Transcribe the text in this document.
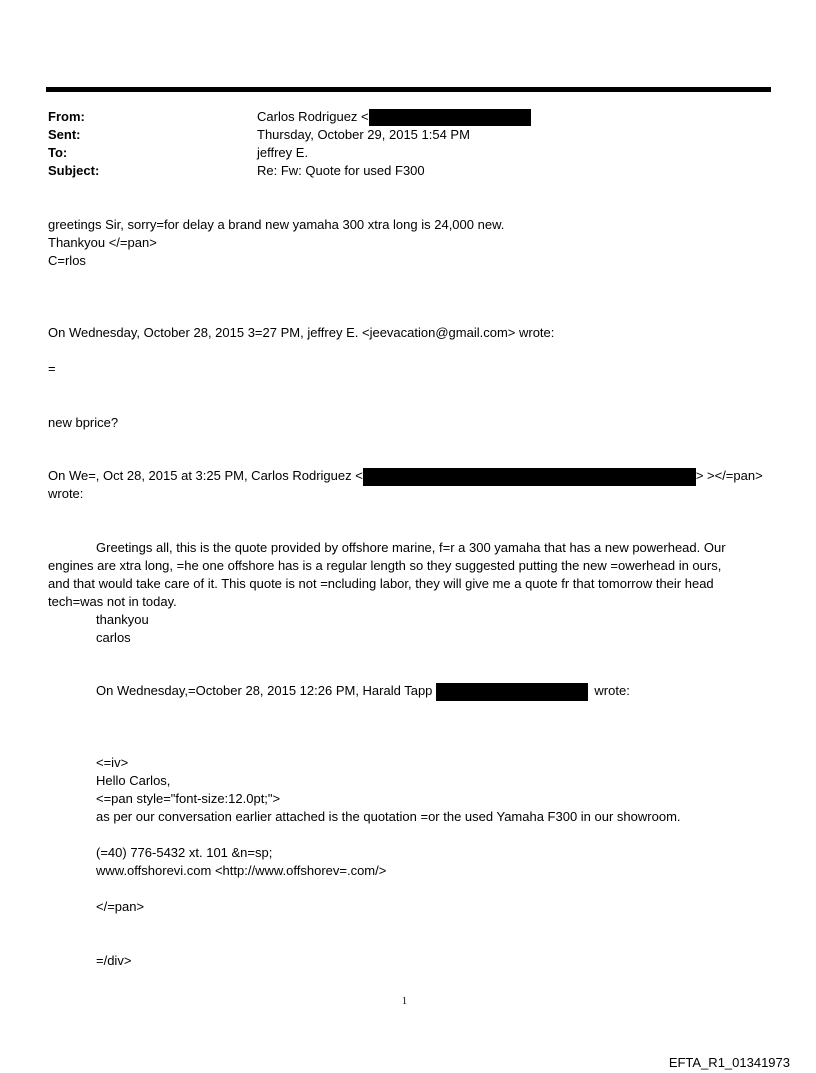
From:	Carlos Rodriguez <
Sent:	Thursday, October 29, 2015 1:54 PM
To:	jeffrey E.
Subject:	Re: Fw: Quote for used F300
greetings Sir, sorry=for delay a brand new yamaha 300 xtra long is 24,000 new.
Thankyou </=pan>
C=rlos
On Wednesday, October 28, 2015 3=27 PM, jeffrey E. <jeevacation@gmail.com> wrote:
=
new bprice?
On We=, Oct 28, 2015 at 3:25 PM, Carlos Rodriguez <	> ></=pan>
wrote:
Greetings all, this is the quote provided by offshore marine, f=r a 300 yamaha that has a new powerhead. Our
engines are xtra long, =he one offshore has is a regular length so they suggested putting the new =owerhead in ours,
and that would take care of it. This quote is not =ncluding labor, they will give me a quote fr that tomorrow their head
tech=was not in today.
thankyou
carlos
On Wednesday,=October 28, 2015 12:26 PM, Harald Tapp	wrote:
<=iv>
Hello Carlos,
<=pan style="font-size:12.0pt;">
as per our conversation earlier attached is the quotation =or the used Yamaha F300 in our showroom.
(=40) 776-5432 xt. 101 &n=sp;
www.offshorevi.com <http://www.offshorev=.com/>
</=pan>
=/div>
1
EFTA_R1_01341973
